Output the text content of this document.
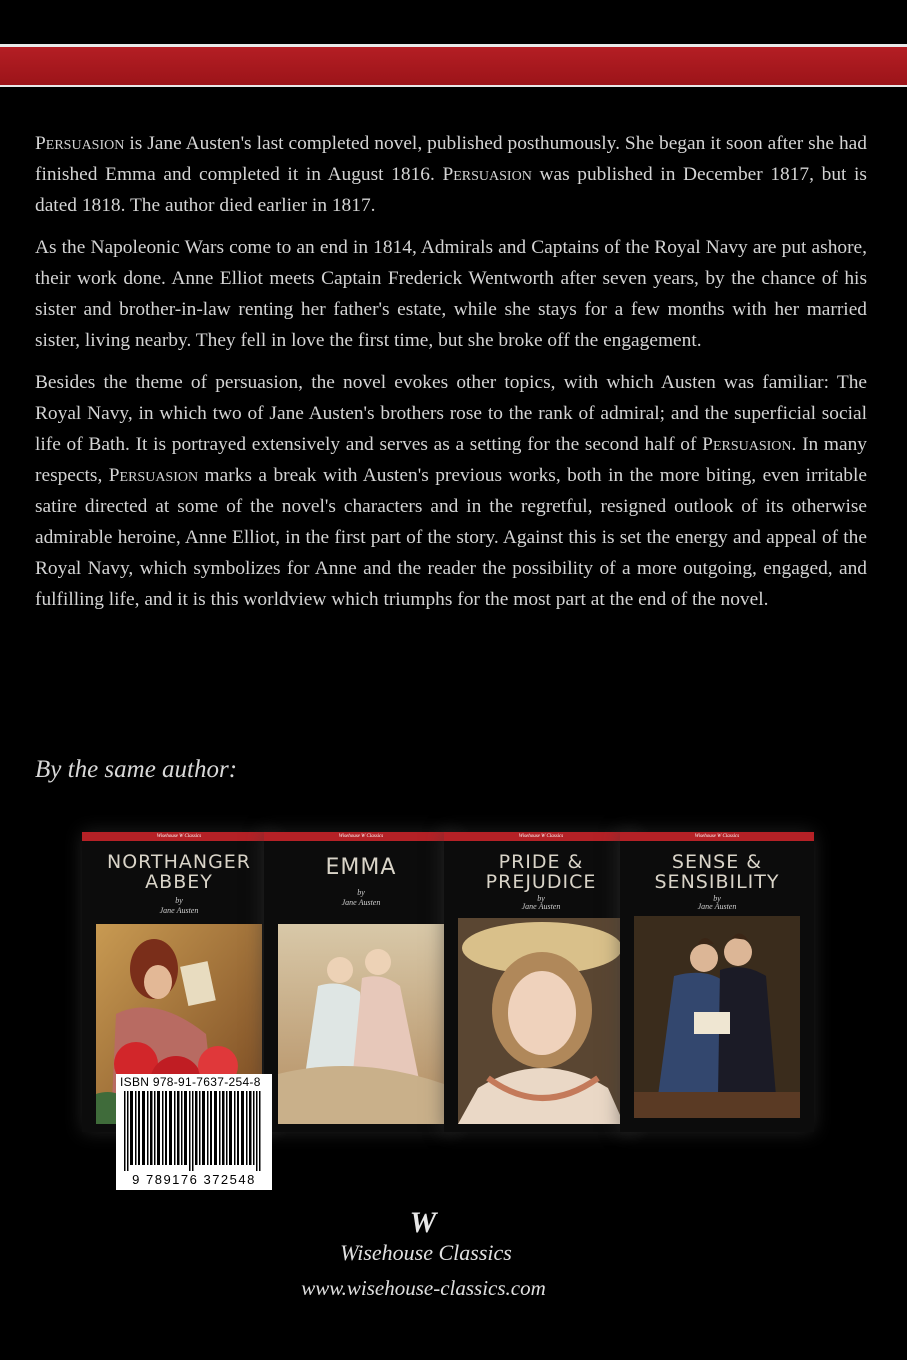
Persuasion is Jane Austen's last completed novel, published posthumously. She began it soon after she had finished Emma and completed it in August 1816. Persuasion was published in December 1817, but is dated 1818. The author died earlier in 1817.

As the Napoleonic Wars come to an end in 1814, Admirals and Captains of the Royal Navy are put ashore, their work done. Anne Elliot meets Captain Frederick Wentworth after seven years, by the chance of his sister and brother-in-law renting her father's estate, while she stays for a few months with her married sister, living nearby. They fell in love the first time, but she broke off the engagement.

Besides the theme of persuasion, the novel evokes other topics, with which Austen was familiar: The Royal Navy, in which two of Jane Austen's brothers rose to the rank of admiral; and the superficial social life of Bath. It is portrayed extensively and serves as a setting for the second half of Persuasion. In many respects, Persuasion marks a break with Austen's previous works, both in the more biting, even irritable satire directed at some of the novel's characters and in the regretful, resigned outlook of its otherwise admirable heroine, Anne Elliot, in the first part of the story. Against this is set the energy and appeal of the Royal Navy, which symbolizes for Anne and the reader the possibility of a more outgoing, engaged, and fulfilling life, and it is this worldview which triumphs for the most part at the end of the novel.

By the same author:
Wisehouse W Classics
NORTHANGER
ABBEY
by
Jane Austen
Wisehouse W Classics
EMMA
by
Jane Austen
Wisehouse W Classics
PRIDE &
PREJUDICE
by
Jane Austen
Wisehouse W Classics
SENSE &
SENSIBILITY
by
Jane Austen
ISBN 978-91-7637-254-8
9 789176 372548
W
Wisehouse Classics
www.wisehouse-classics.com
